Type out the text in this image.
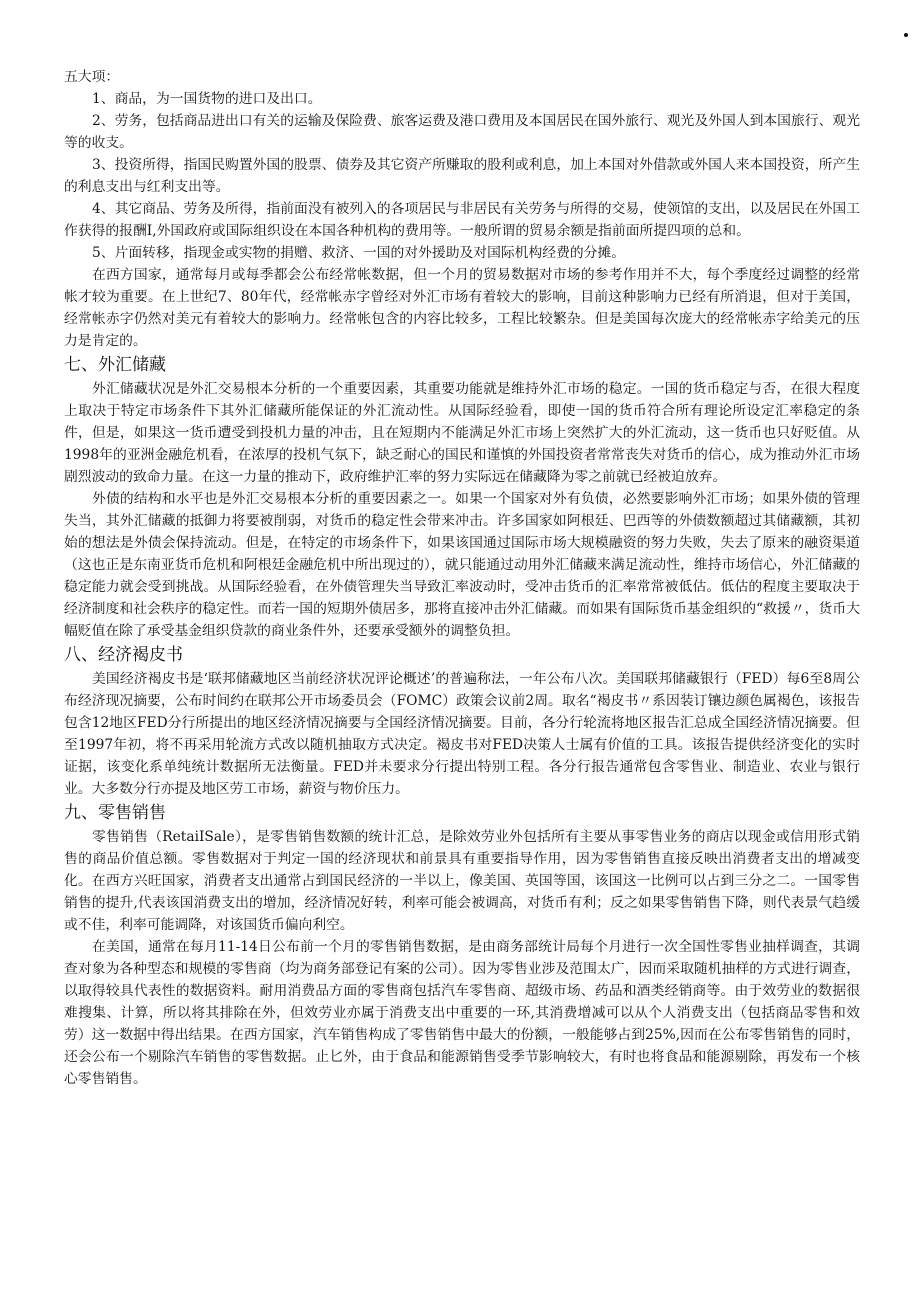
五大项：

1、商品，为一国货物的进口及出口。

2、劳务，包括商品进出口有关的运输及保险费、旅客运费及港口费用及本国居民在国外旅行、观光及外国人到本国旅行、观光等的收支。

3、投资所得，指国民购置外国的股票、债券及其它资产所赚取的股利或利息，加上本国对外借款或外国人来本国投资，所产生的利息支出与红利支出等。

4、其它商品、劳务及所得，指前面没有被列入的各项居民与非居民有关劳务与所得的交易，使领馆的支出，以及居民在外国工作获得的报酬I,外国政府或国际组织设在本国各种机构的费用等。一般所谓的贸易余额是指前面所提四项的总和。

5、片面转移，指现金或实物的捐赠、救济、一国的对外援助及对国际机构经费的分摊。

在西方国家，通常每月或每季都会公布经常帐数据，但一个月的贸易数据对市场的参考作用并不大，每个季度经过调整的经常帐才较为重要。在上世纪7、80年代，经常帐赤字曾经对外汇市场有着较大的影响，目前这种影响力已经有所消退，但对于美国，经常帐赤字仍然对美元有着较大的影响力。经常帐包含的内容比较多，工程比较繁杂。但是美国每次庞大的经常帐赤字给美元的压力是肯定的。

七、外汇储藏

外汇储藏状况是外汇交易根本分析的一个重要因素，其重要功能就是维持外汇市场的稳定。一国的货币稳定与否，在很大程度上取决于特定市场条件下其外汇储藏所能保证的外汇流动性。从国际经验看，即使一国的货币符合所有理论所设定汇率稳定的条件，但是，如果这一货币遭受到投机力量的冲击，且在短期内不能满足外汇市场上突然扩大的外汇流动，这一货币也只好贬值。从1998年的亚洲金融危机看，在浓厚的投机气氛下，缺乏耐心的国民和谨慎的外国投资者常常丧失对货币的信心，成为推动外汇市场剧烈波动的致命力量。在这一力量的推动下，政府维护汇率的努力实际远在储藏降为零之前就已经被迫放弃。

外债的结构和水平也是外汇交易根本分析的重要因素之一。如果一个国家对外有负债，必然要影响外汇市场；如果外债的管理失当，其外汇储藏的抵御力将要被削弱，对货币的稳定性会带来冲击。许多国家如阿根廷、巴西等的外债数额超过其储藏额，其初始的想法是外债会保持流动。但是，在特定的市场条件下，如果该国通过国际市场大规模融资的努力失败，失去了原来的融资渠道（这也正是东南亚货币危机和阿根廷金融危机中所出现过的），就只能通过动用外汇储藏来满足流动性，维持市场信心，外汇储藏的稳定能力就会受到挑战。从国际经验看，在外债管理失当导致汇率波动时，受冲击货币的汇率常常被低估。低估的程度主要取决于经济制度和社会秩序的稳定性。而若一国的短期外债居多，那将直接冲击外汇储藏。而如果有国际货币基金组织的“救援〃，货币大幅贬值在除了承受基金组织贷款的商业条件外，还要承受额外的调整负担。

八、经济褐皮书

美国经济褐皮书是‘联邦储藏地区当前经济状况评论概述’的普遍称法，一年公布八次。美国联邦储藏银行（FED）每6至8周公布经济现况摘要，公布时间约在联邦公开市场委员会（FOMC）政策会议前2周。取名“褐皮书〃系因装订镶边颜色属褐色，该报告包含12地区FED分行所提出的地区经济情况摘要与全国经济情况摘要。目前，各分行轮流将地区报告汇总成全国经济情况摘要。但至1997年初，将不再采用轮流方式改以随机抽取方式决定。褐皮书对FED决策人士属有价值的工具。该报告提供经济变化的实时证据，该变化系单纯统计数据所无法衡量。FED并未要求分行提出特别工程。各分行报告通常包含零售业、制造业、农业与银行业。大多数分行亦提及地区劳工市场，薪资与物价压力。

九、零售销售

零售销售（RetaiISale），是零售销售数额的统计汇总，是除效劳业外包括所有主要从事零售业务的商店以现金或信用形式销售的商品价值总额。零售数据对于判定一国的经济现状和前景具有重要指导作用，因为零售销售直接反映出消费者支出的增减变化。在西方兴旺国家，消费者支出通常占到国民经济的一半以上，像美国、英国等国，该国这一比例可以占到三分之二。一国零售销售的提升,代表该国消费支出的增加，经济情况好转，利率可能会被调高，对货币有利；反之如果零售销售下降，则代表景气趋缓或不佳，利率可能调降，对该国货币偏向利空。

在美国，通常在每月11-14日公布前一个月的零售销售数据，是由商务部统计局每个月进行一次全国性零售业抽样调查，其调查对象为各种型态和规模的零售商（均为商务部登记有案的公司）。因为零售业涉及范围太广，因而采取随机抽样的方式进行调查，以取得较具代表性的数据资料。耐用消费品方面的零售商包括汽车零售商、超级市场、药品和酒类经销商等。由于效劳业的数据很难搜集、计算，所以将其排除在外，但效劳业亦属于消费支出中重要的一环,其消费增减可以从个人消费支出（包括商品零售和效劳）这一数据中得出结果。在西方国家，汽车销售构成了零售销售中最大的份额，一般能够占到25%,因而在公布零售销售的同时，还会公布一个剔除汽车销售的零售数据。止匕外，由于食品和能源销售受季节影响较大，有时也将食品和能源剔除，再发布一个核心零售销售。
